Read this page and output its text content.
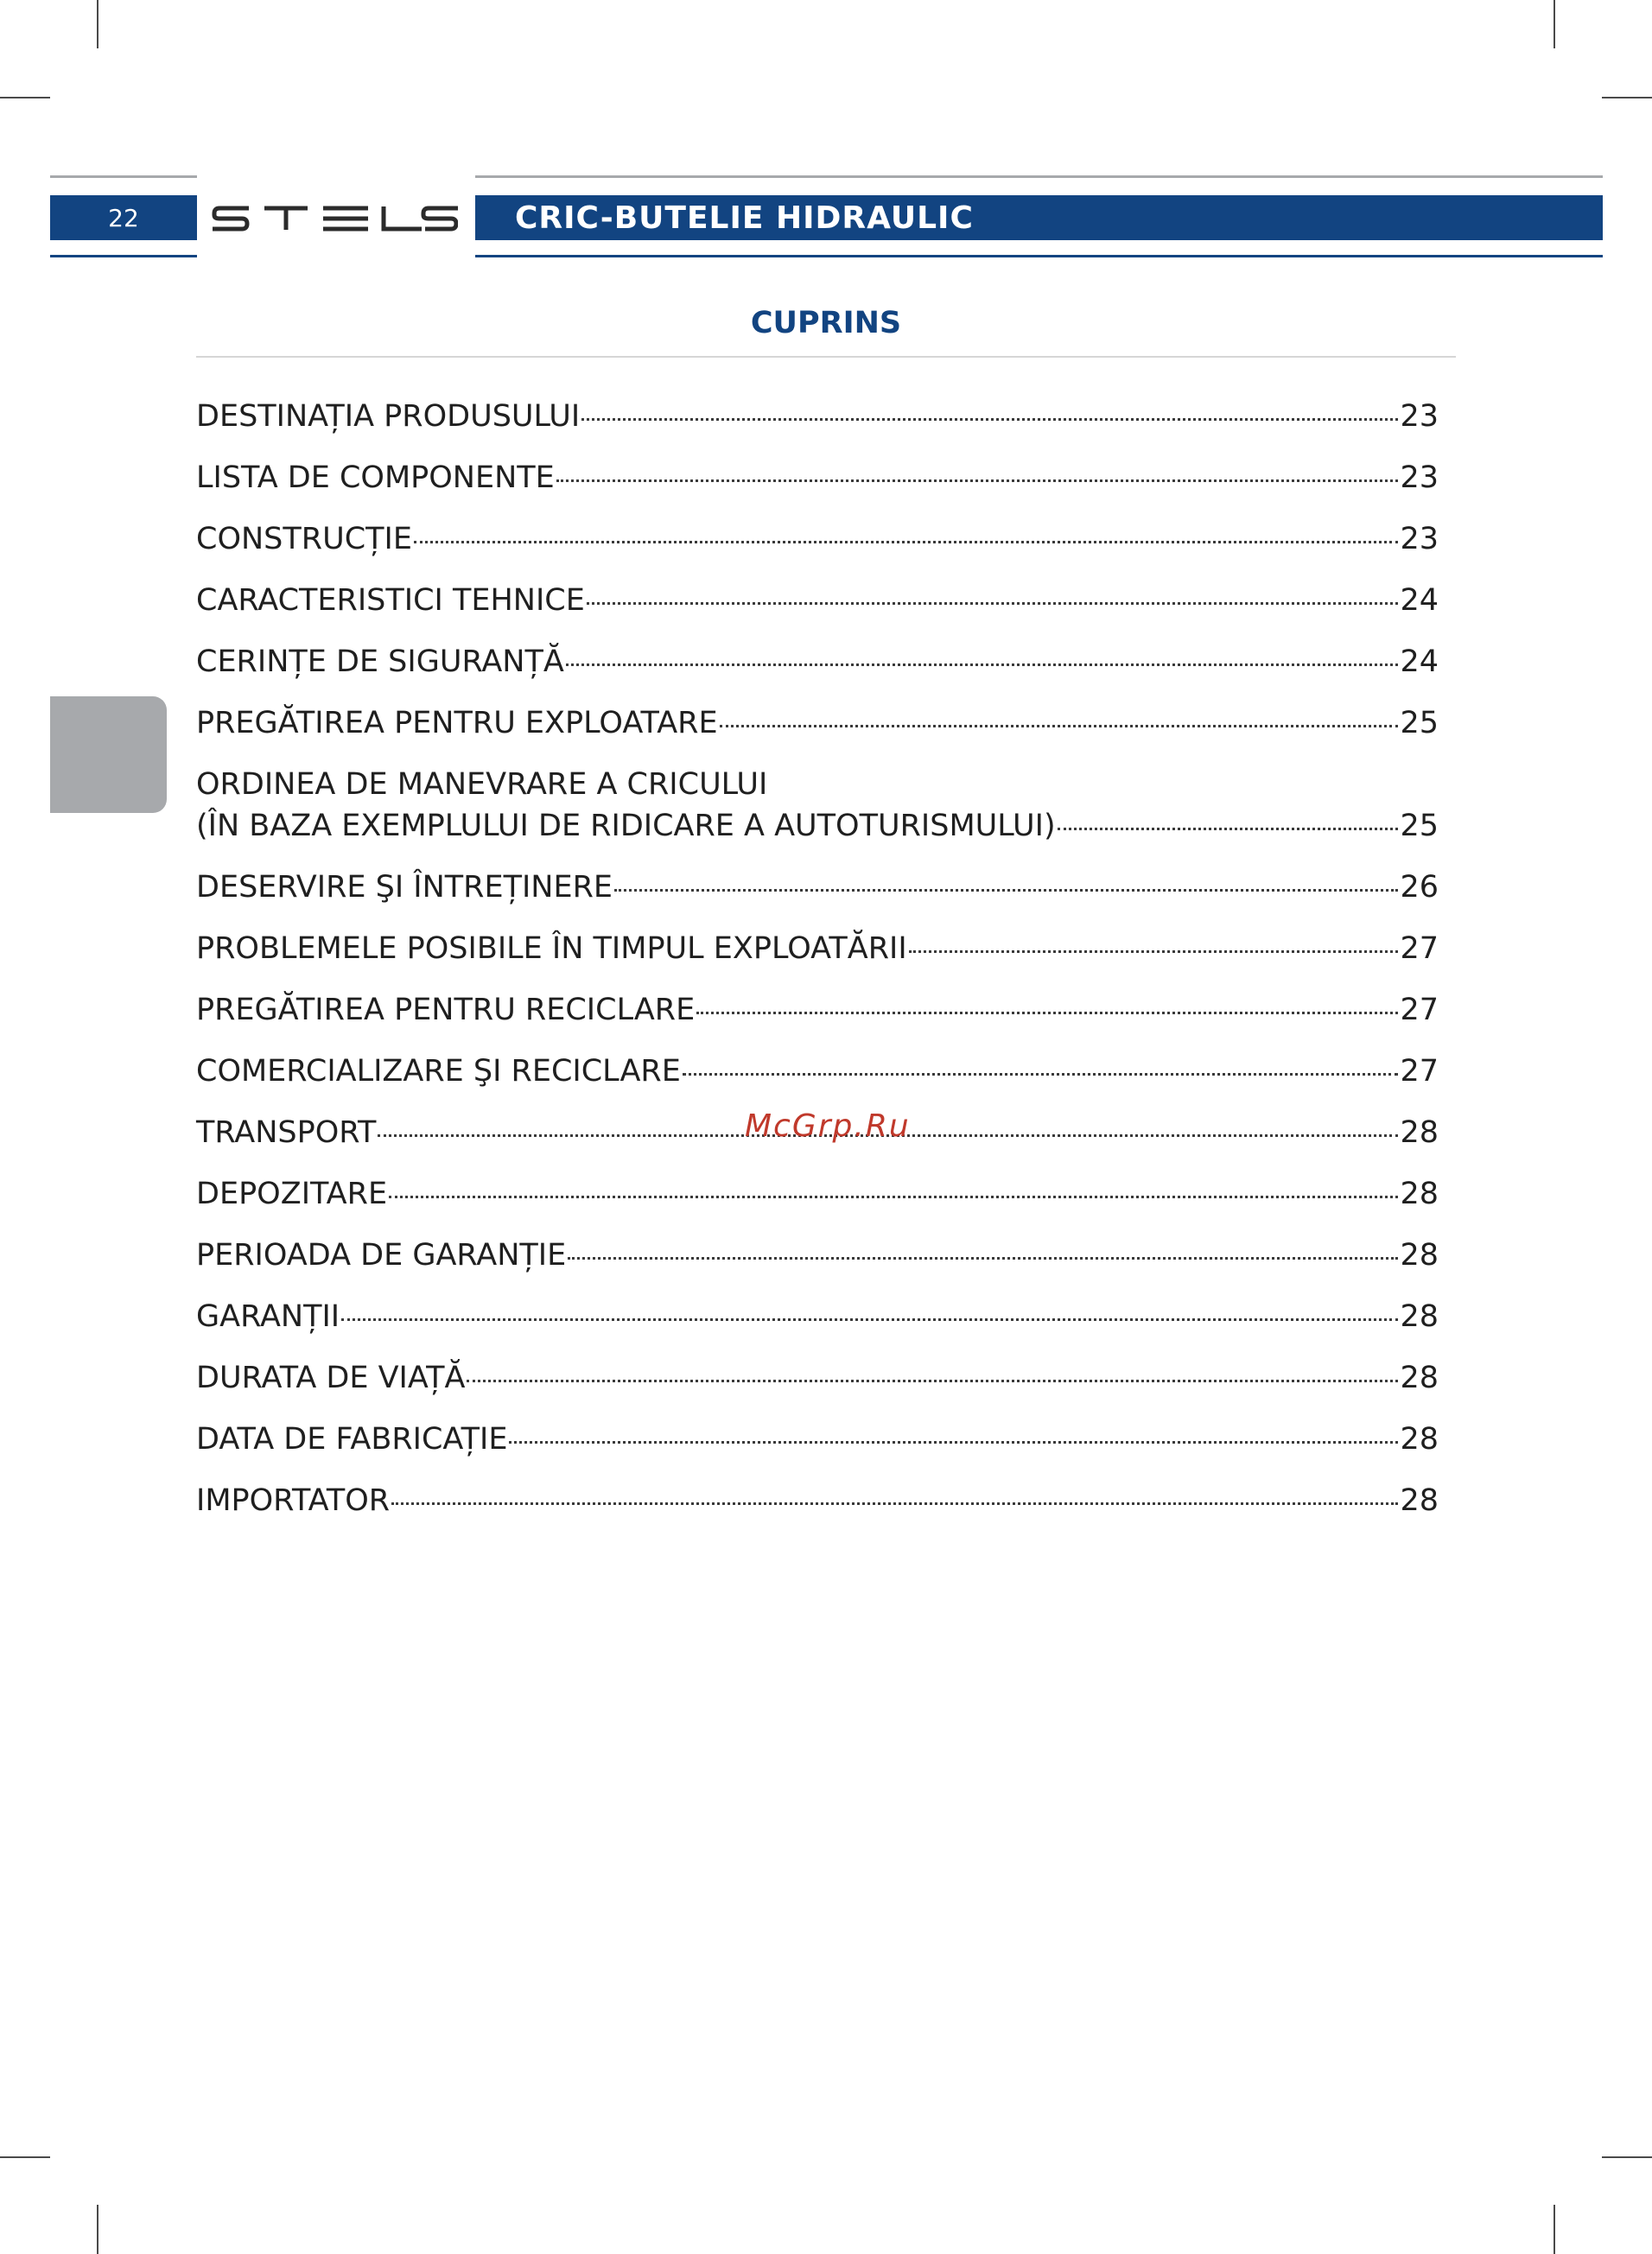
22	CRIC-BUTELIE HIDRAULIC
ROU
CUPRINS
DESTINAȚIA PRODUSULUI	23
LISTA DE COMPONENTE	23
CONSTRUCȚIE	23
CARACTERISTICI TEHNICE	24
CERINȚE DE SIGURANȚĂ	24
PREGĂTIREA PENTRU EXPLOATARE	25
ORDINEA DE MANEVRARE A CRICULUI
(ÎN BAZA EXEMPLULUI DE RIDICARE A AUTOTURISMULUI)	25
DESERVIRE ŞI ÎNTREȚINERE	26
PROBLEMELE POSIBILE ÎN TIMPUL EXPLOATĂRII	27
PREGĂTIREA PENTRU RECICLARE	27
COMERCIALIZARE ŞI RECICLARE	27
TRANSPORT	28
DEPOZITARE	28
PERIOADA DE GARANȚIE	28
GARANȚII	28
DURATA DE VIAȚĂ	28
DATA DE FABRICAȚIE	28
IMPORTATOR	28
McGrp.Ru
